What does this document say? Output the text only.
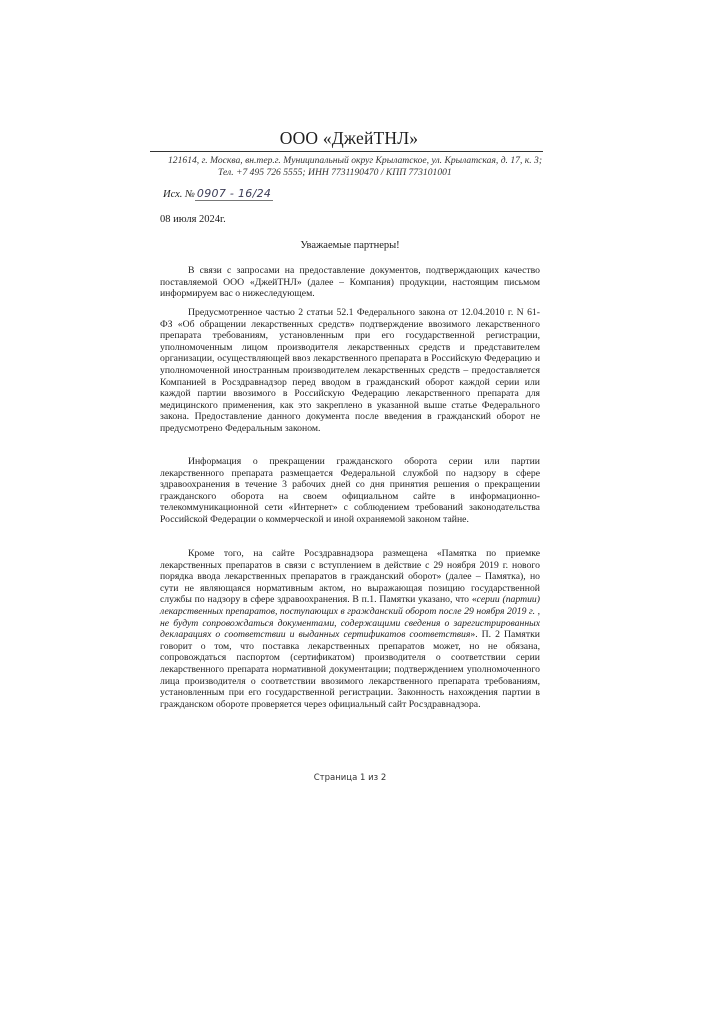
ООО «ДжейТНЛ»
121614, г. Москва, вн.тер.г. Муниципальный округ Крылатское, ул. Крылатская, д. 17, к. 3;
Тел. +7 495 726 5555; ИНН 7731190470 / КПП 773101001
Исх. № 0907 - 16/24
08 июля 2024г.
Уважаемые партнеры!

В связи с запросами на предоставление документов, подтверждающих качество поставляемой ООО «ДжейТНЛ» (далее – Компания) продукции, настоящим письмом информируем вас о нижеследующем.

Предусмотренное частью 2 статьи 52.1 Федерального закона от 12.04.2010 г. N 61-ФЗ «Об обращении лекарственных средств» подтверждение ввозимого лекарственного препарата требованиям, установленным при его государственной регистрации, уполномоченным лицом производителя лекарственных средств и представителем организации, осуществляющей ввоз лекарственного препарата в Российскую Федерацию и уполномоченной иностранным производителем лекарственных средств – предоставляется Компанией в Росздравнадзор перед вводом в гражданский оборот каждой серии или каждой партии ввозимого в Российскую Федерацию лекарственного препарата для медицинского применения, как это закреплено в указанной выше статье Федерального закона. Предоставление данного документа после введения в гражданский оборот не предусмотрено Федеральным законом.

Информация о прекращении гражданского оборота серии или партии лекарственного препарата размещается Федеральной службой по надзору в сфере здравоохранения в течение 3 рабочих дней со дня принятия решения о прекращении гражданского оборота на своем официальном сайте в информационно-телекоммуникационной сети «Интернет» с соблюдением требований законодательства Российской Федерации о коммерческой и иной охраняемой законом тайне.

Кроме того, на сайте Росздравнадзора размещена «Памятка по приемке лекарственных препаратов в связи с вступлением в действие с 29 ноября 2019 г. нового порядка ввода лекарственных препаратов в гражданский оборот» (далее – Памятка), но сути не являющаяся нормативным актом, но выражающая позицию государственной службы по надзору в сфере здравоохранения. В п.1. Памятки указано, что «серии (партии) лекарственных препаратов, поступающих в гражданский оборот после 29 ноября 2019 г. , не будут сопровождаться документами, содержащими сведения о зарегистрированных декларациях о соответствии и выданных сертификатов соответствия». П. 2 Памятки говорит о том, что поставка лекарственных препаратов может, но не обязана, сопровождаться паспортом (сертификатом) производителя о соответствии серии лекарственного препарата нормативной документации; подтверждением уполномоченного лица производителя о соответствии ввозимого лекарственного препарата требованиям, установленным при его государственной регистрации. Законность нахождения партии в гражданском обороте проверяется через официальный сайт Росздравнадзора.

Страница 1 из 2
